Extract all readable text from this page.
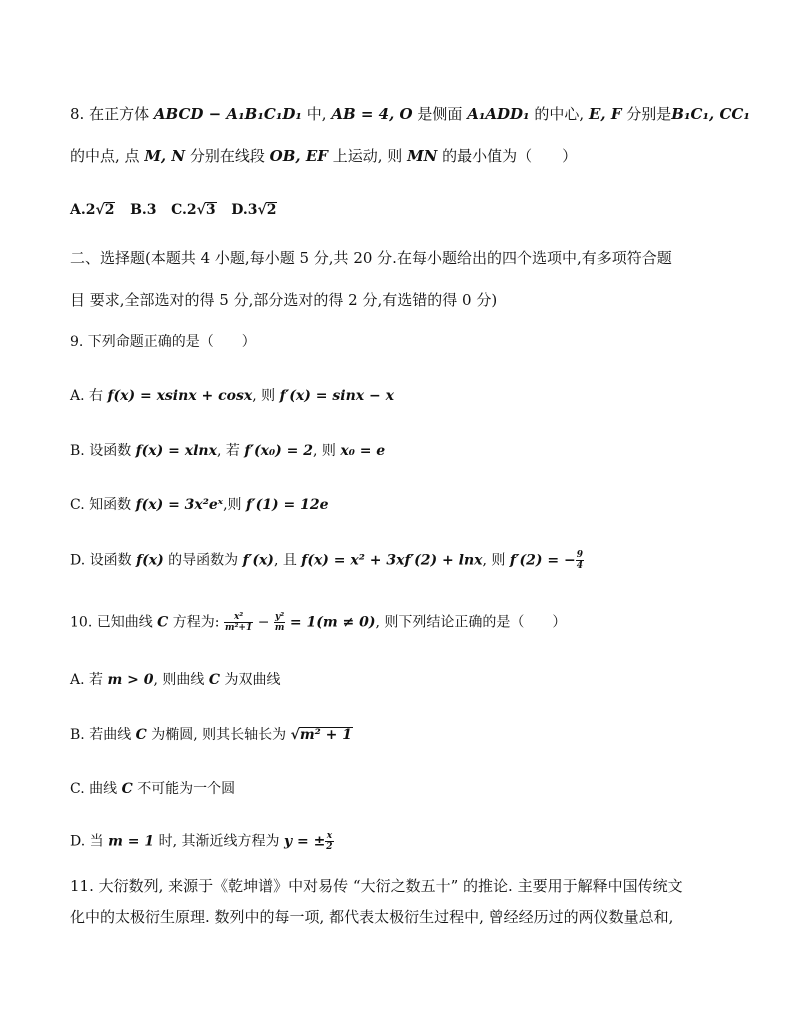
8. 在正方体 ABCD − A₁B₁C₁D₁ 中, AB = 4, O 是侧面 A₁ADD₁ 的中心, E, F 分别是B₁C₁, CC₁
的中点, 点 M, N 分别在线段 OB, EF 上运动, 则 MN 的最小值为（　　）
A.2√2 B.3 C.2√3 D.3√2
二、选择题(本题共 4 小题,每小题 5 分,共 20 分.在每小题给出的四个选项中,有多项符合题
目 要求,全部选对的得 5 分,部分选对的得 2 分,有选错的得 0 分)
9. 下列命题正确的是（　　）
A. 右 f(x) = xsinx + cosx, 则 f′(x) = sinx − x
B. 设函数 f(x) = xlnx, 若 f′(x₀) = 2, 则 x₀ = e
C. 知函数 f(x) = 3x²eˣ,则 f′(1) = 12e
D. 设函数 f(x) 的导函数为 f′(x), 且 f(x) = x² + 3xf′(2) + lnx, 则 f′(2) = − $\frac{9}{4}$
10. 已知曲线 C 方程为: $\frac{\text{x²}}{\text{m²+1}} - \frac{\text{y²}}{m} = 1(m \ne 0)$, 则下列结论正确的是（　　）
A. 若 m > 0, 则曲线 C 为双曲线
B. 若曲线 C 为椭圆, 则其长轴长为 √m² + 1
C. 曲线 C 不可能为一个圆
D. 当 m = 1 时, 其渐近线方程为 y = ± $\frac{x}{2}$
11. 大衍数列, 来源于《乾坤谱》中对易传 “大衍之数五十” 的推论. 主要用于解释中国传统文
化中的太极衍生原理. 数列中的每一项, 都代表太极衍生过程中, 曾经经历过的两仪数量总和,
